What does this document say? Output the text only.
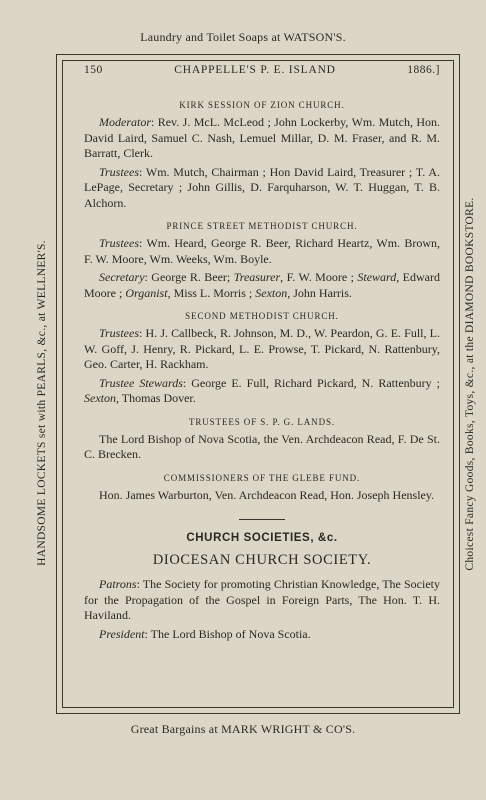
Laundry and Toilet Soaps at WATSON'S.
HANDSOME LOCKETS set with PEARLS, &c., at WELLNER'S.	Choicest Fancy Goods, Books, Toys, &c., at the DIAMOND BOOKSTORE.
150	CHAPPELLE'S P. E. ISLAND	1886.]
KIRK SESSION OF ZION CHURCH.

Moderator: Rev. J. McL. McLeod ; John Lockerby, Wm. Mutch, Hon. David Laird, Samuel C. Nash, Lemuel Millar, D. M. Fraser, and R. M. Barratt, Clerk.

Trustees: Wm. Mutch, Chairman ; Hon David Laird, Treasurer ; T. A. LePage, Secretary ; John Gillis, D. Farquharson, W. T. Huggan, T. B. Alchorn.

PRINCE STREET METHODIST CHURCH.

Trustees: Wm. Heard, George R. Beer, Richard Heartz, Wm. Brown, F. W. Moore, Wm. Weeks, Wm. Boyle.

Secretary: George R. Beer; Treasurer, F. W. Moore ; Steward, Edward Moore ; Organist, Miss L. Morris ; Sexton, John Harris.

SECOND METHODIST CHURCH.

Trustees: H. J. Callbeck, R. Johnson, M. D., W. Peardon, G. E. Full, L. W. Goff, J. Henry, R. Pickard, L. E. Prowse, T. Pickard, N. Rattenbury, Geo. Carter, H. Rackham.

Trustee Stewards: George E. Full, Richard Pickard, N. Rattenbury ; Sexton, Thomas Dover.

TRUSTEES OF S. P. G. LANDS.

The Lord Bishop of Nova Scotia, the Ven. Archdeacon Read, F. De St. C. Brecken.

COMMISSIONERS OF THE GLEBE FUND.

Hon. James Warburton, Ven. Archdeacon Read, Hon. Joseph Hensley.

CHURCH SOCIETIES, &c.
DIOCESAN CHURCH SOCIETY.

Patrons: The Society for promoting Christian Knowledge, The Society for the Propagation of the Gospel in Foreign Parts, The Hon. T. H. Haviland.

President: The Lord Bishop of Nova Scotia.

Great Bargains at MARK WRIGHT & CO'S.
